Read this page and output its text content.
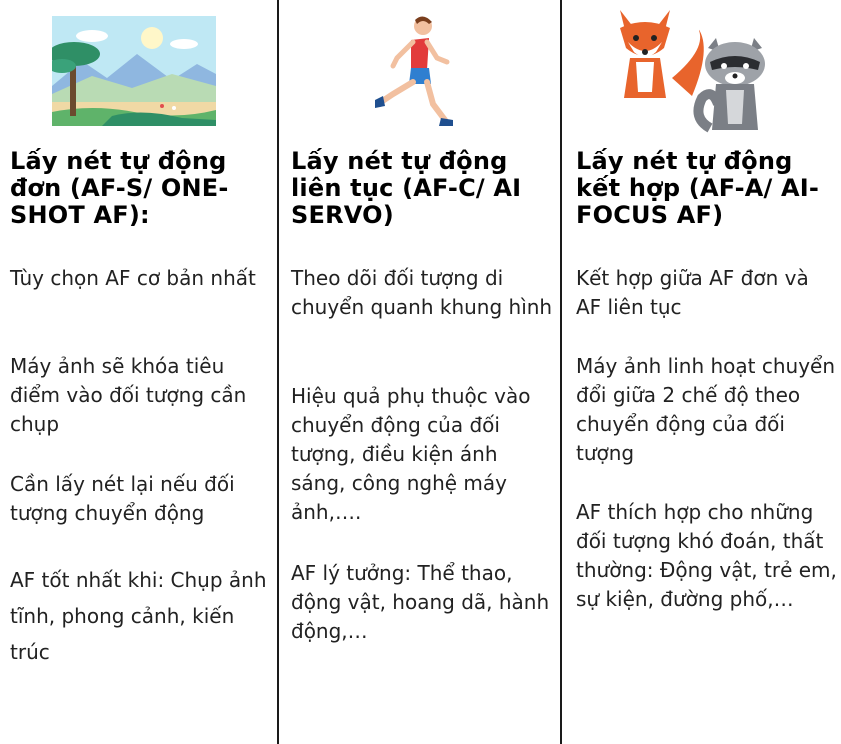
Lấy nét tự động đơn (AF-S/ ONE-SHOT AF):

Tùy chọn AF cơ bản nhất

Máy ảnh sẽ khóa tiêu điểm vào đối tượng cần chụp

Cần lấy nét lại nếu đối tượng chuyển động

AF tốt nhất khi: Chụp ảnh tĩnh, phong cảnh, kiến trúc

Lấy nét tự động liên tục (AF-C/ AI SERVO)

Theo dõi đối tượng di chuyển quanh khung hình

Hiệu quả phụ thuộc vào chuyển động của đối tượng, điều kiện ánh sáng, công nghệ máy ảnh,….

AF lý tưởng: Thể thao, động vật, hoang dã, hành động,…

Lấy nét tự động kết hợp (AF-A/ AI-FOCUS AF)

Kết hợp giữa AF đơn và AF liên tục

Máy ảnh linh hoạt chuyển đổi giữa 2 chế độ theo chuyển động của đối tượng

AF thích hợp cho những đối tượng khó đoán, thất thường: Động vật, trẻ em, sự kiện, đường phố,…
